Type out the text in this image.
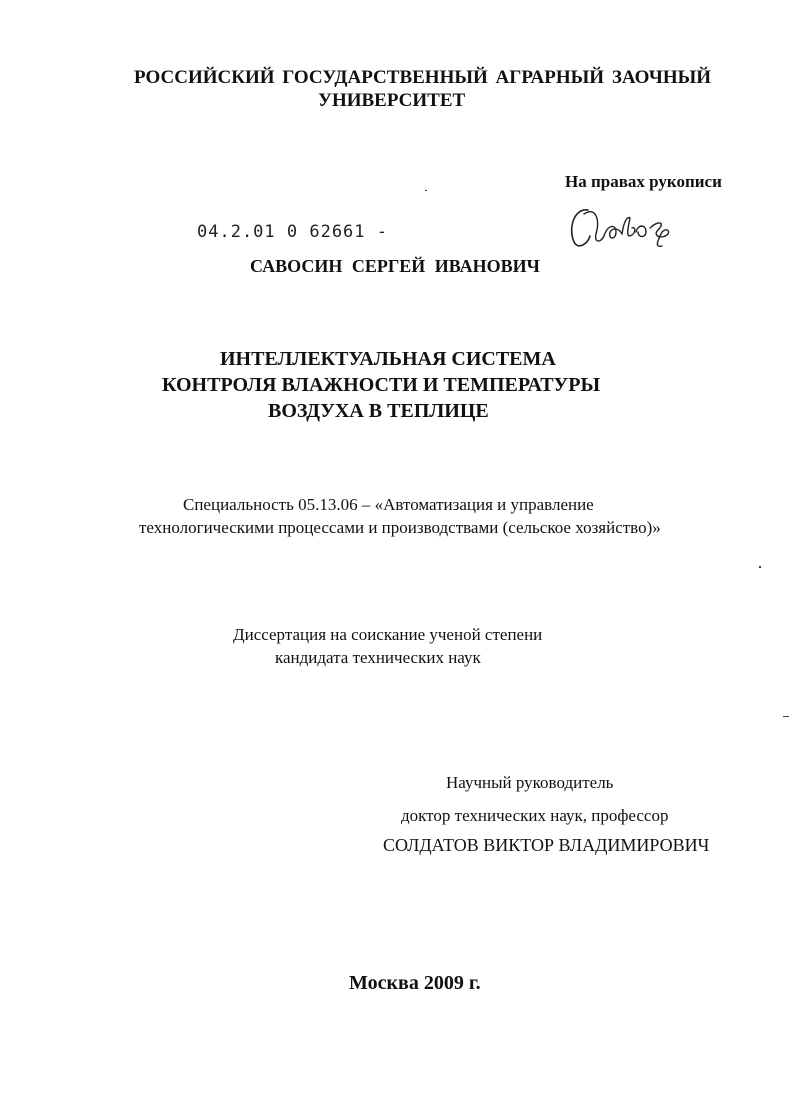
РОССИЙСКИЙ ГОСУДАРСТВЕННЫЙ АГРАРНЫЙ ЗАОЧНЫЙ
УНИВЕРСИТЕТ
На правах рукописи
04.2.01 0 62661 -
САВОСИН СЕРГЕЙ ИВАНОВИЧ
ИНТЕЛЛЕКТУАЛЬНАЯ СИСТЕМА
КОНТРОЛЯ ВЛАЖНОСТИ И ТЕМПЕРАТУРЫ
ВОЗДУХА В ТЕПЛИЦЕ
Специальность 05.13.06 – «Автоматизация и управление
технологическими процессами и производствами (сельское хозяйство)»
Диссертация на соискание ученой степени
кандидата технических наук
Научный руководитель
доктор технических наук, профессор
СОЛДАТОВ ВИКТОР ВЛАДИМИРОВИЧ
Москва 2009 г.
